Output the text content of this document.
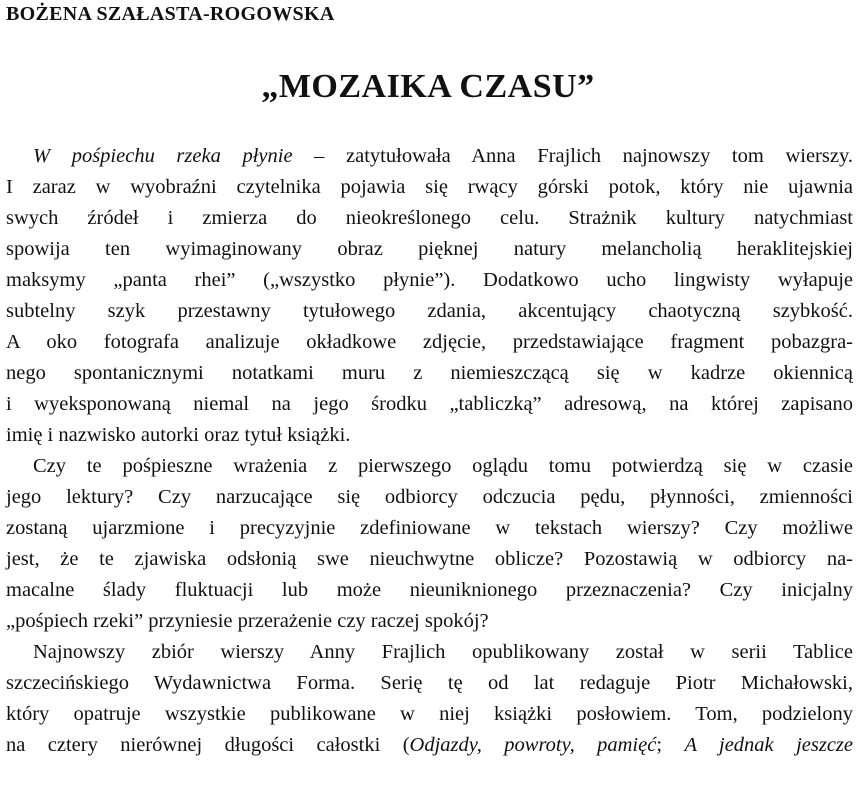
BOŻENA SZAŁASTA-ROGOWSKA
„MOZAIKA CZASU”
W pośpiechu rzeka płynie – zatytułowała Anna Frajlich najnowszy tom wierszy.
I zaraz w wyobraźni czytelnika pojawia się rwący górski potok, który nie ujawnia
swych źródeł i zmierza do nieokreślonego celu. Strażnik kultury natychmiast
spowija ten wyimaginowany obraz pięknej natury melancholią heraklitejskiej
maksymy „panta rhei” („wszystko płynie”). Dodatkowo ucho lingwisty wyłapuje
subtelny szyk przestawny tytułowego zdania, akcentujący chaotyczną szybkość.
A oko fotografa analizuje okładkowe zdjęcie, przedstawiające fragment pobazgra-
nego spontanicznymi notatkami muru z niemieszczącą się w kadrze okiennicą
i wyeksponowaną niemal na jego środku „tabliczką” adresową, na której zapisano
imię i nazwisko autorki oraz tytuł książki.
Czy te pośpieszne wrażenia z pierwszego oglądu tomu potwierdzą się w czasie
jego lektury? Czy narzucające się odbiorcy odczucia pędu, płynności, zmienności
zostaną ujarzmione i precyzyjnie zdefiniowane w tekstach wierszy? Czy możliwe
jest, że te zjawiska odsłonią swe nieuchwytne oblicze? Pozostawią w odbiorcy na-
macalne ślady fluktuacji lub może nieuniknionego przeznaczenia? Czy inicjalny
„pośpiech rzeki” przyniesie przerażenie czy raczej spokój?
Najnowszy zbiór wierszy Anny Frajlich opublikowany został w serii Tablice
szczecińskiego Wydawnictwa Forma. Serię tę od lat redaguje Piotr Michałowski,
który opatruje wszystkie publikowane w niej książki posłowiem. Tom, podzielony
na cztery nierównej długości całostki (Odjazdy, powroty, pamięć; A jednak jeszcze
